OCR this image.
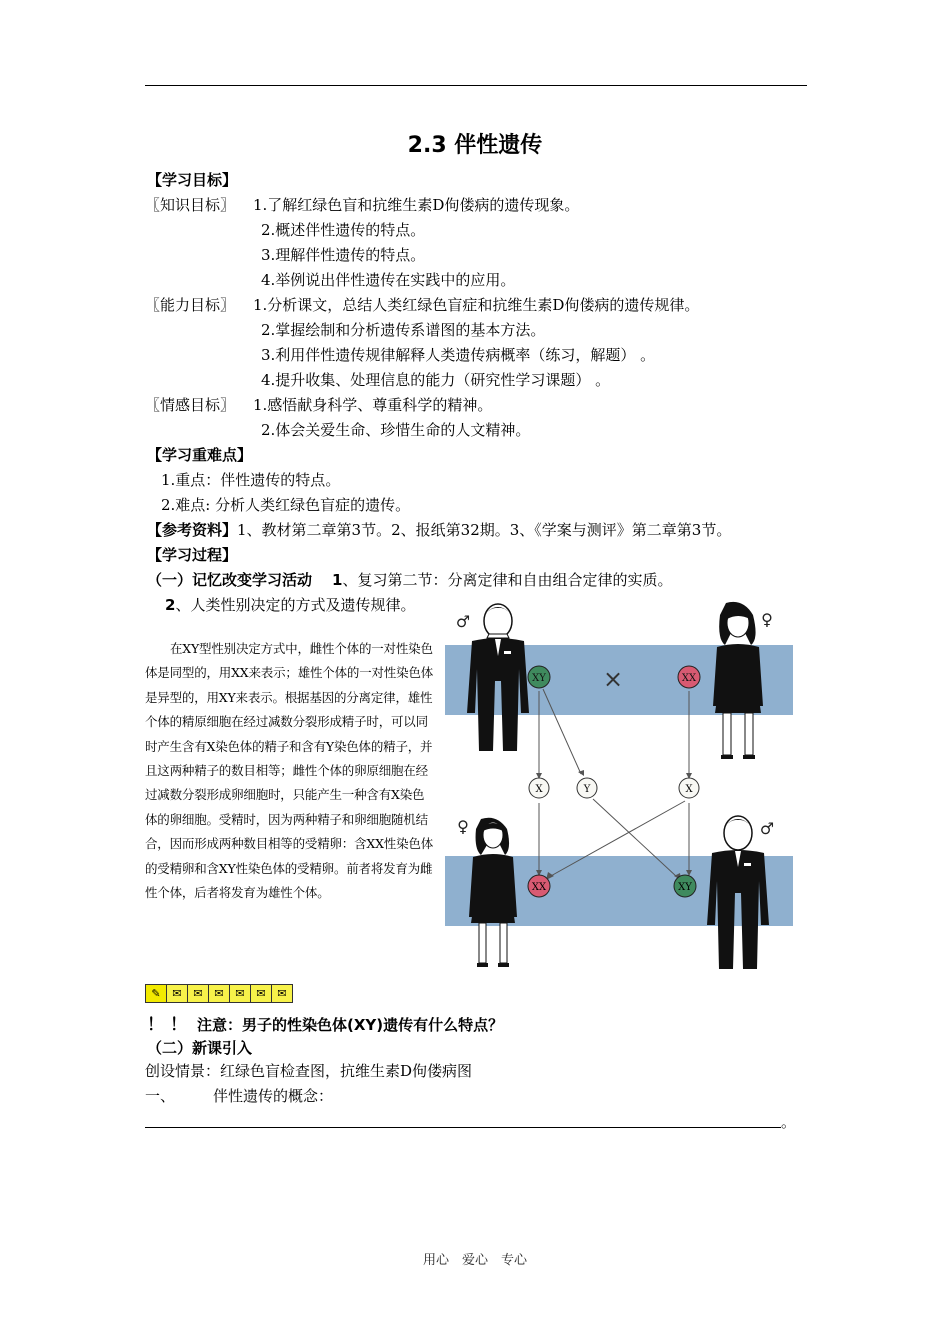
2.3 伴性遗传
【学习目标】
〖知识目标〗 1.了解红绿色盲和抗维生素D佝偻病的遗传现象。
2.概述伴性遗传的特点。
3.理解伴性遗传的特点。
4.举例说出伴性遗传在实践中的应用。
〖能力目标〗 1.分析课文，总结人类红绿色盲症和抗维生素D佝偻病的遗传规律。
2.掌握绘制和分析遗传系谱图的基本方法。
3.利用伴性遗传规律解释人类遗传病概率（练习，解题） 。
4.提升收集、处理信息的能力（研究性学习课题） 。
〖情感目标〗 1.感悟献身科学、尊重科学的精神。
2.体会关爱生命、珍惜生命的人文精神。
【学习重难点】
1.重点：伴性遗传的特点。
2.难点: 分析人类红绿色盲症的遗传。
【参考资料】1、教材第二章第3节。2、报纸第32期。3、《学案与测评》第二章第3节。
【学习过程】
（一）记忆改变学习活动 1、复习第二节：分离定律和自由组合定律的实质。
2、人类性别决定的方式及遗传规律。
在XY型性别决定方式中，雌性个体的一对性染色体是同型的，用XX来表示；雄性个体的一对性染色体是异型的，用XY来表示。根据基因的分离定律，雄性个体的精原细胞在经过减数分裂形成精子时，可以同时产生含有X染色体的精子和含有Y染色体的精子，并且这两种精子的数目相等；雌性个体的卵原细胞在经过减数分裂形成卵细胞时，只能产生一种含有X染色体的卵细胞。受精时，因为两种精子和卵细胞随机结合，因而形成两种数目相等的受精卵：含XX性染色体的受精卵和含XY性染色体的受精卵。前者将发育为雌性个体，后者将发育为雄性个体。
XY	XX
×
X	Y	X
XX	XY
♂	♀
♀	♂
✎	✉	✉	✉	✉	✉	✉
！！ 注意：男子的性染色体(XY)遗传有什么特点？
（二）新课引入
创设情景：红绿色盲检查图，抗维生素D佝偻病图
一、	伴性遗传的概念：
。
用心　爱心　专心
